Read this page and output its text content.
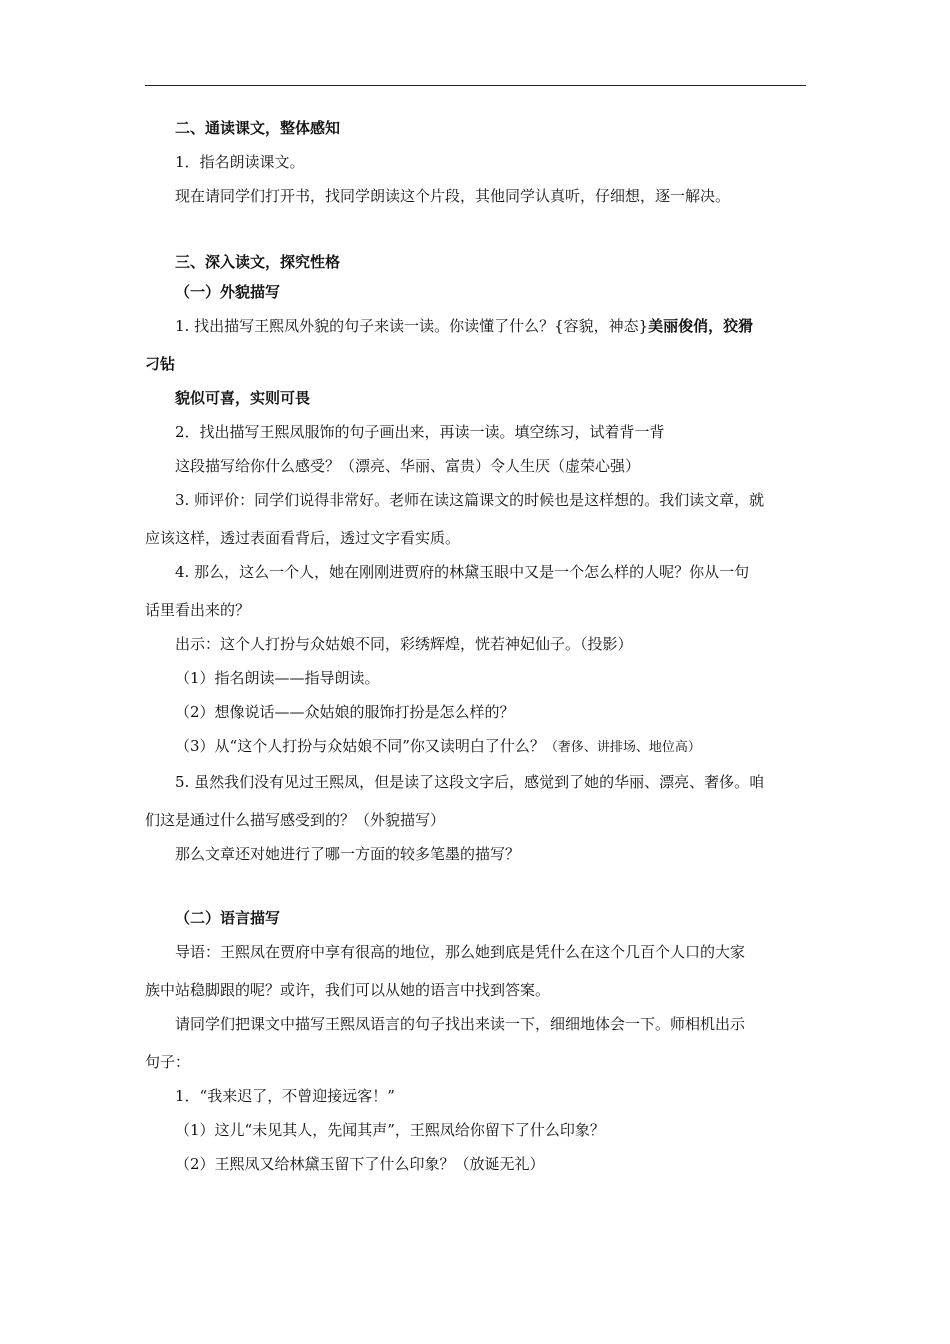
二、通读课文，整体感知
1．指名朗读课文。
现在请同学们打开书，找同学朗读这个片段，其他同学认真听，仔细想，逐一解决。
三、深入读文，探究性格
（一）外貌描写
1. 找出描写王熙凤外貌的句子来读一读。你读懂了什么？{容貌，神态}美丽俊俏，狡猾
刁钻
貌似可喜，实则可畏
2．找出描写王熙凤服饰的句子画出来，再读一读。填空练习，试着背一背
这段描写给你什么感受？（漂亮、华丽、富贵）令人生厌（虚荣心强）
3. 师评价：同学们说得非常好。老师在读这篇课文的时候也是这样想的。我们读文章，就
应该这样，透过表面看背后，透过文字看实质。
4. 那么，这么一个人，她在刚刚进贾府的林黛玉眼中又是一个怎么样的人呢？你从一句
话里看出来的？
出示：这个人打扮与众姑娘不同，彩绣辉煌，恍若神妃仙子。（投影）
（1）指名朗读——指导朗读。
（2）想像说话——众姑娘的服饰打扮是怎么样的？
（3）从“这个人打扮与众姑娘不同”你又读明白了什么？（奢侈、讲排场、地位高）
5. 虽然我们没有见过王熙凤，但是读了这段文字后，感觉到了她的华丽、漂亮、奢侈。咱
们这是通过什么描写感受到的？（外貌描写）
那么文章还对她进行了哪一方面的较多笔墨的描写？
（二）语言描写
导语：王熙凤在贾府中享有很高的地位，那么她到底是凭什么在这个几百个人口的大家
族中站稳脚跟的呢？或许，我们可以从她的语言中找到答案。
请同学们把课文中描写王熙凤语言的句子找出来读一下，细细地体会一下。师相机出示
句子：
1．“我来迟了，不曾迎接远客！”
（1）这儿“未见其人，先闻其声”，王熙凤给你留下了什么印象？
（2）王熙凤又给林黛玉留下了什么印象？（放诞无礼）
